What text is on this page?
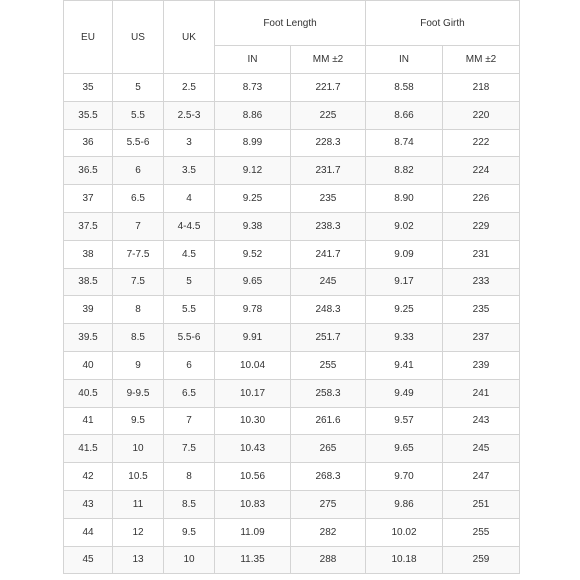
EU	US	UK	Foot Length		Foot Girth	
			IN	MM ±2	IN	MM ±2
35	5	2.5	8.73	221.7	8.58	218
35.5	5.5	2.5-3	8.86	225	8.66	220
36	5.5-6	3	8.99	228.3	8.74	222
36.5	6	3.5	9.12	231.7	8.82	224
37	6.5	4	9.25	235	8.90	226
37.5	7	4-4.5	9.38	238.3	9.02	229
38	7-7.5	4.5	9.52	241.7	9.09	231
38.5	7.5	5	9.65	245	9.17	233
39	8	5.5	9.78	248.3	9.25	235
39.5	8.5	5.5-6	9.91	251.7	9.33	237
40	9	6	10.04	255	9.41	239
40.5	9-9.5	6.5	10.17	258.3	9.49	241
41	9.5	7	10.30	261.6	9.57	243
41.5	10	7.5	10.43	265	9.65	245
42	10.5	8	10.56	268.3	9.70	247
43	11	8.5	10.83	275	9.86	251
44	12	9.5	11.09	282	10.02	255
45	13	10	11.35	288	10.18	259
